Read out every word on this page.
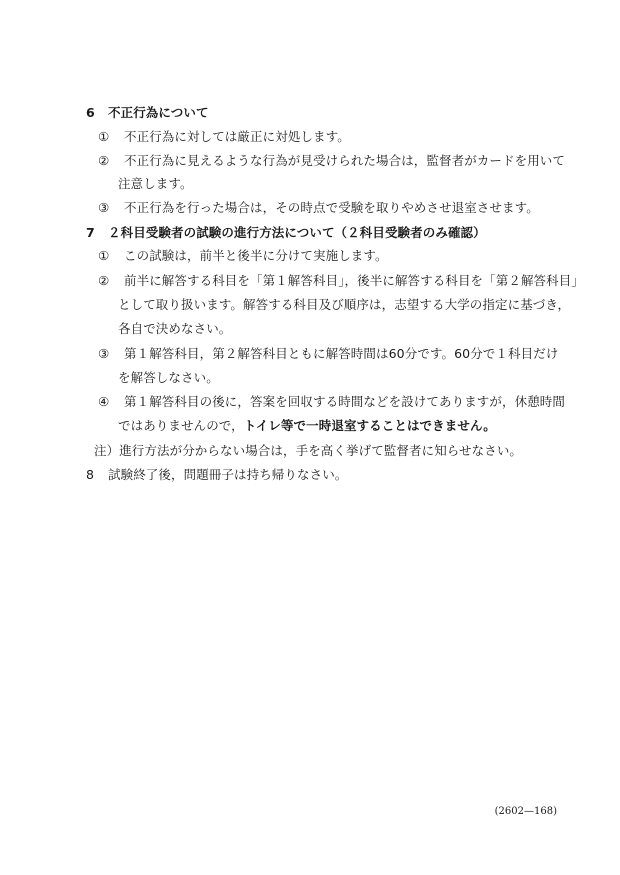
6 不正行為について
① 不正行為に対しては厳正に対処します。
② 不正行為に見えるような行為が見受けられた場合は，監督者がカードを用いて
注意します。
③ 不正行為を行った場合は，その時点で受験を取りやめさせ退室させます。
7 ２科目受験者の試験の進行方法について（２科目受験者のみ確認）
① この試験は，前半と後半に分けて実施します。
② 前半に解答する科目を「第１解答科目」，後半に解答する科目を「第２解答科目」
として取り扱います。解答する科目及び順序は，志望する大学の指定に基づき，
各自で決めなさい。
③ 第１解答科目，第２解答科目ともに解答時間は60分です。60分で１科目だけ
を解答しなさい。
④ 第１解答科目の後に，答案を回収する時間などを設けてありますが，休憩時間
ではありませんので，トイレ等で一時退室することはできません。
注）進行方法が分からない場合は，手を高く挙げて監督者に知らせなさい。
8 試験終了後，問題冊子は持ち帰りなさい。
(2602—168)
